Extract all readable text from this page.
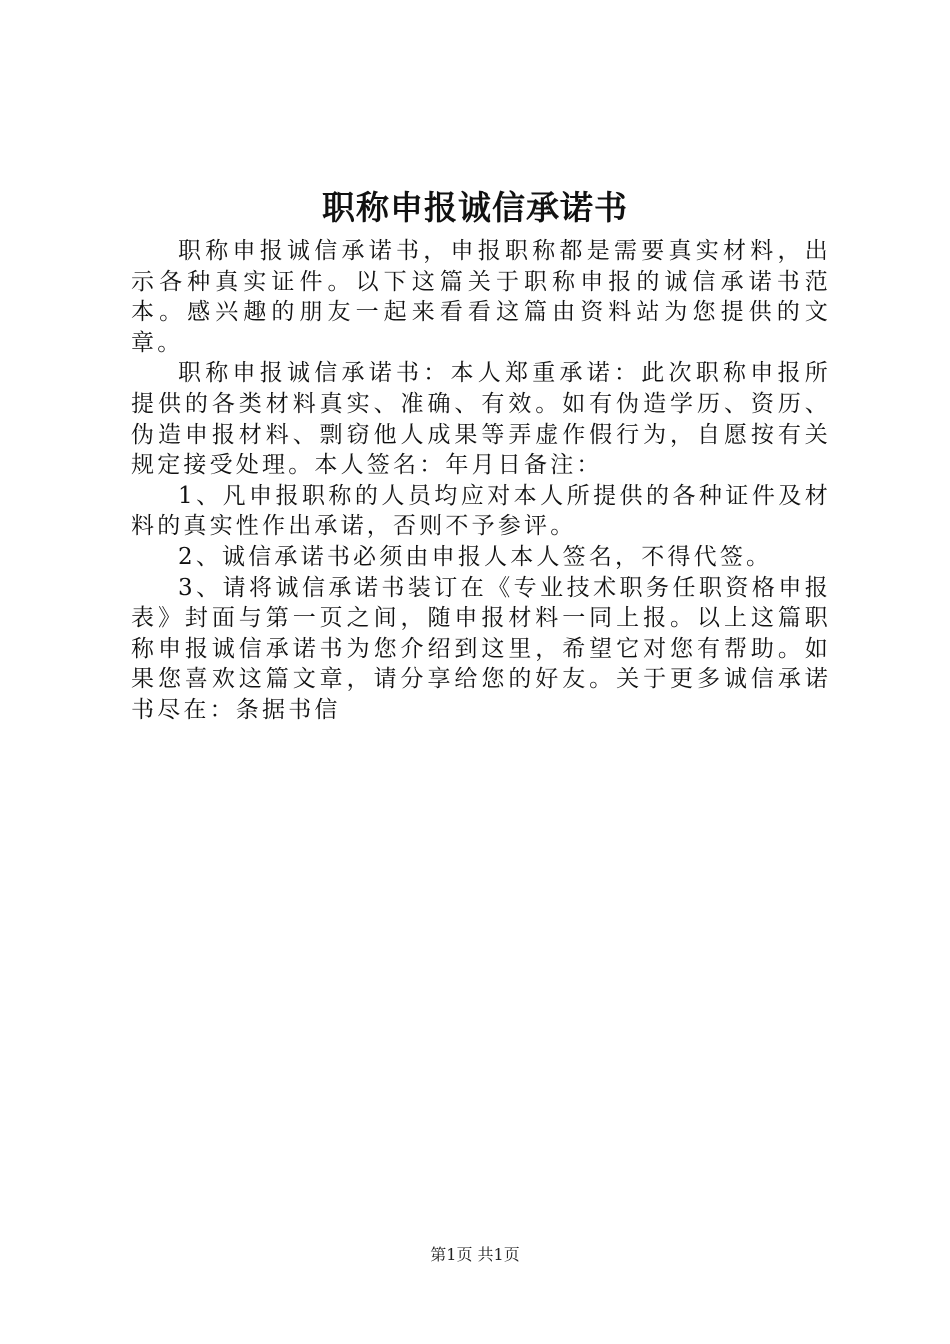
职称申报诚信承诺书

职称申报诚信承诺书，申报职称都是需要真实材料，出示各种真实证件。以下这篇关于职称申报的诚信承诺书范本。感兴趣的朋友一起来看看这篇由资料站为您提供的文章。

职称申报诚信承诺书：本人郑重承诺：此次职称申报所提供的各类材料真实、准确、有效。如有伪造学历、资历、伪造申报材料、剽窃他人成果等弄虚作假行为，自愿按有关规定接受处理。本人签名：年月日备注：

1、凡申报职称的人员均应对本人所提供的各种证件及材料的真实性作出承诺，否则不予参评。

2、诚信承诺书必须由申报人本人签名，不得代签。

3、请将诚信承诺书装订在《专业技术职务任职资格申报表》封面与第一页之间，随申报材料一同上报。以上这篇职称申报诚信承诺书为您介绍到这里，希望它对您有帮助。如果您喜欢这篇文章，请分享给您的好友。关于更多诚信承诺书尽在：条据书信

第1页 共1页
